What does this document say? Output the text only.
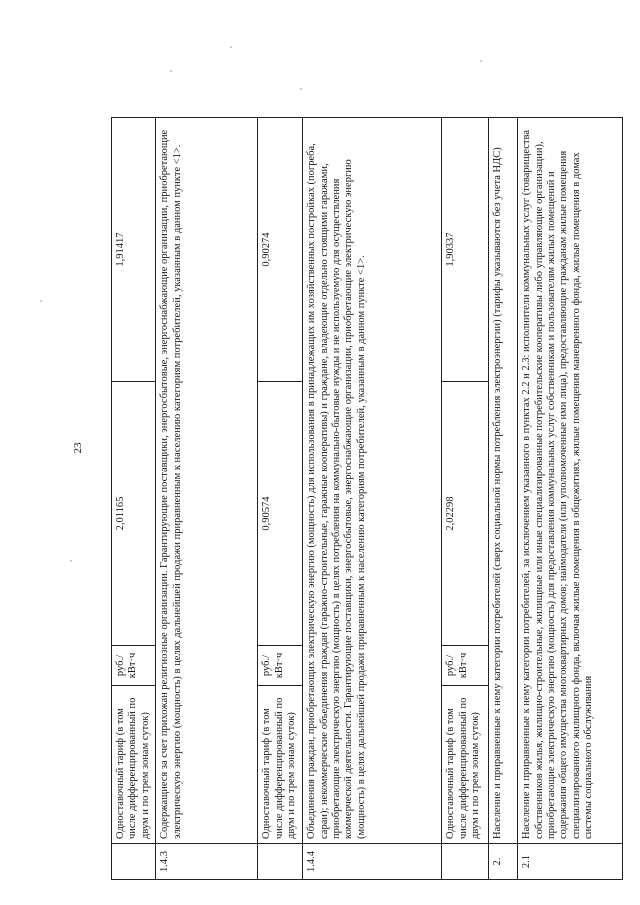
23
	Одноставочный тариф (в том числе дифференцированный по двум и по трем зонам суток)	руб./кВт·ч	2,01165	1,91417
1.4.3	Содержащиеся за счет прихожан религиозные организации. Гарантирующие поставщики, энергосбытовые, энергоснабжающие организации, приобретающие электрическую энергию (мощность) в целях дальнейшей продажи приравненным к населению категориям потребителей, указанным в данном пункте <1>.			
	Одноставочный тариф (в том числе дифференцированный по двум и по трем зонам суток)	руб./кВт·ч	0,90574	0,90274
1.4.4	Объединения граждан, приобретающих электрическую энергию (мощность) для использования в принадлежащих им хозяйственных постройках (погреба, сараи); некоммерческие объединения граждан (гаражно-строительные, гаражные кооперативы) и граждане, владеющие отдельно стоящими гаражами, приобретающие электрическую энергию (мощность) в целях потребления на коммунально-бытовые нужды и не используемую для осуществления коммерческой деятельности. Гарантирующие поставщики, энергосбытовые, энергоснабжающие организации, приобретающие электрическую энергию (мощность) в целях дальнейшей продажи приравненным к населению категориям потребителей, указанным в данном пункте <1>.			
	Одноставочный тариф (в том числе дифференцированный по двум и по трем зонам суток)	руб./кВт·ч	2,02298	1,90337
2.	Население и приравненные к нему категории потребителей (сверх социальной нормы потребления электроэнергии) (тарифы указываются без учета НДС)			
2.1	Население и приравненные к нему категории потребителей, за исключением указанного в пунктах 2.2 и 2.3: исполнители коммунальных услуг (товарищества собственников жилья, жилищно-строительные, жилищные или иные специализированные потребительские кооперативы либо управляющие организации), приобретающие электрическую энергию (мощность) для предоставления коммунальных услуг собственникам и пользователям жилых помещений и содержания общего имущества многоквартирных домов; наймодатели (или уполномоченные ими лица), предоставляющие гражданам жилые помещения специализированного жилищного фонда, включая жилые помещения в общежитиях, жилые помещения маневренного фонда, жилые помещения в домах системы социального обслуживания			
